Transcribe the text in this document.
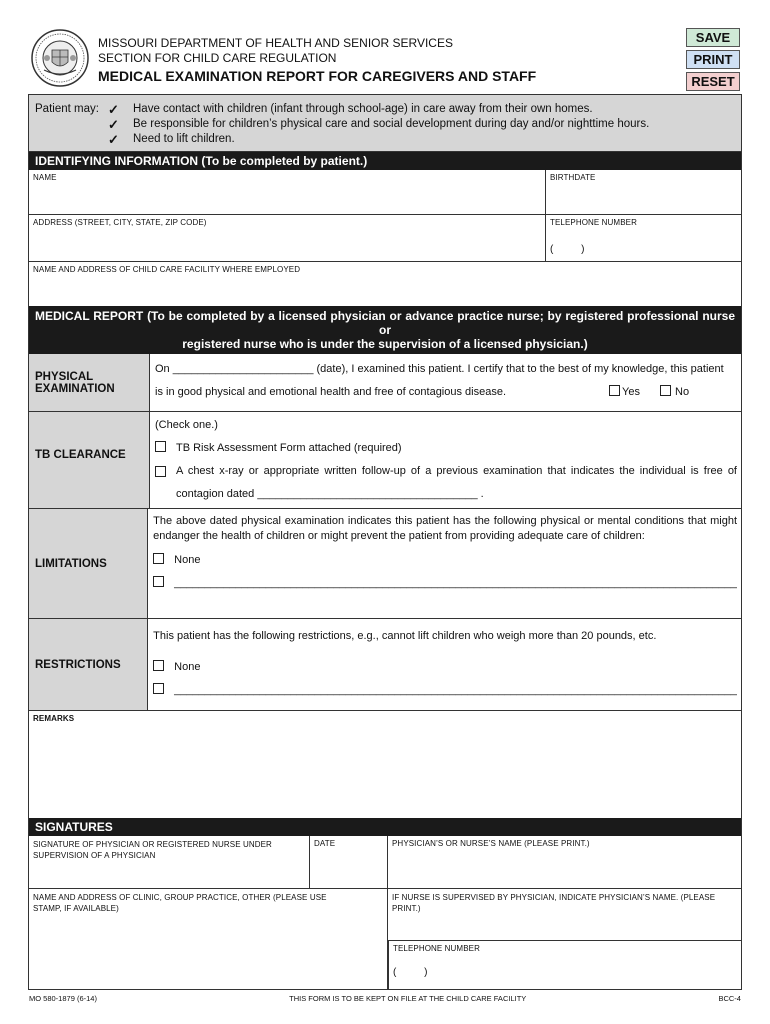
MISSOURI DEPARTMENT OF HEALTH AND SENIOR SERVICES
SECTION FOR CHILD CARE REGULATION
MEDICAL EXAMINATION REPORT FOR CAREGIVERS AND STAFF
SAVE
PRINT
RESET
Patient may: ✓	Have contact with children (infant through school-age) in care away from their own homes.
✓	Be responsible for children’s physical care and social development during day and/or nighttime hours.
✓	Need to lift children.
IDENTIFYING INFORMATION (To be completed by patient.)
NAME	BIRTHDATE
ADDRESS (STREET, CITY, STATE, ZIP CODE)	TELEPHONE NUMBER
(          )
NAME AND ADDRESS OF CHILD CARE FACILITY WHERE EMPLOYED
MEDICAL REPORT (To be completed by a licensed physician or advance practice nurse; by registered professional nurse or
registered nurse who is under the supervision of a licensed physician.)
PHYSICAL EXAMINATION
On _______________________ (date), I examined this patient. I certify that to the best of my knowledge, this patient
is in good physical and emotional health and free of contagious disease.	Yes	No
TB CLEARANCE
(Check one.)
TB Risk Assessment Form attached (required)
A chest x-ray or appropriate written follow-up of a previous examination that indicates the individual is free of
contagion dated ____________________________________ .
LIMITATIONS
The above dated physical examination indicates this patient has the following physical or mental conditions that might
endanger the health of children or might prevent the patient from providing adequate care of children:
None
____________________________________________________________________________________________
RESTRICTIONS
This patient has the following restrictions, e.g., cannot lift children who weigh more than 20 pounds, etc.
None
____________________________________________________________________________________________
REMARKS
SIGNATURES
SIGNATURE OF PHYSICIAN OR REGISTERED NURSE UNDER SUPERVISION OF A PHYSICIAN
DATE	PHYSICIAN’S OR NURSE’S NAME (PLEASE PRINT.)
NAME AND ADDRESS OF CLINIC, GROUP PRACTICE, OTHER (PLEASE USE STAMP, IF AVAILABLE)
IF NURSE IS SUPERVISED BY PHYSICIAN, INDICATE PHYSICIAN’S NAME. (PLEASE PRINT.)
TELEPHONE NUMBER
(          )
MO 580-1879 (6-14)	THIS FORM IS TO BE KEPT ON FILE AT THE CHILD CARE FACILITY	BCC-4
